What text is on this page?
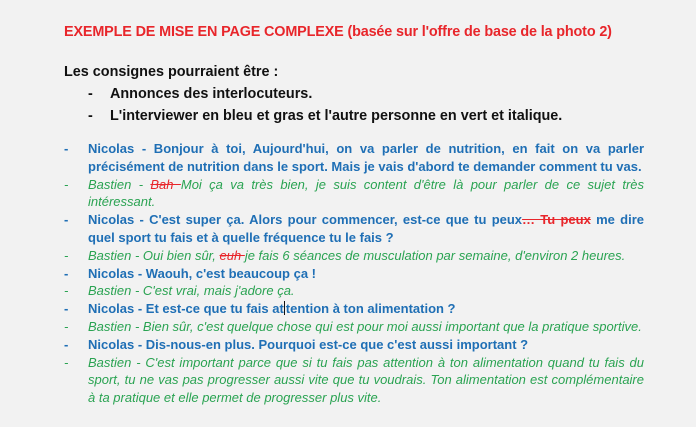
EXEMPLE DE MISE EN PAGE COMPLEXE (basée sur l'offre de base de la photo 2)
Les consignes pourraient être :
- Annonces des interlocuteurs.
- L'interviewer en bleu et gras et l'autre personne en vert et italique.
- Nicolas - Bonjour à toi, Aujourd'hui, on va parler de nutrition, en fait on va parler précisément de nutrition dans le sport. Mais je vais d'abord te demander comment tu vas.
- Bastien - Bah Moi ça va très bien, je suis content d'être là pour parler de ce sujet très intéressant.
- Nicolas - C'est super ça. Alors pour commencer, est-ce que tu peux… Tu peux me dire quel sport tu fais et à quelle fréquence tu le fais ?
- Bastien - Oui bien sûr, euh je fais 6 séances de musculation par semaine, d'environ 2 heures.
- Nicolas - Waouh, c'est beaucoup ça !
- Bastien - C'est vrai, mais j'adore ça.
- Nicolas - Et est-ce que tu fais at tention à ton alimentation ?
- Bastien - Bien sûr, c'est quelque chose qui est pour moi aussi important que la pratique sportive.
- Nicolas - Dis-nous-en plus. Pourquoi est-ce que c'est aussi important ?
- Bastien - C'est important parce que si tu fais pas attention à ton alimentation quand tu fais du sport, tu ne vas pas progresser aussi vite que tu voudrais. Ton alimentation est complémentaire à ta pratique et elle permet de progresser plus vite.
